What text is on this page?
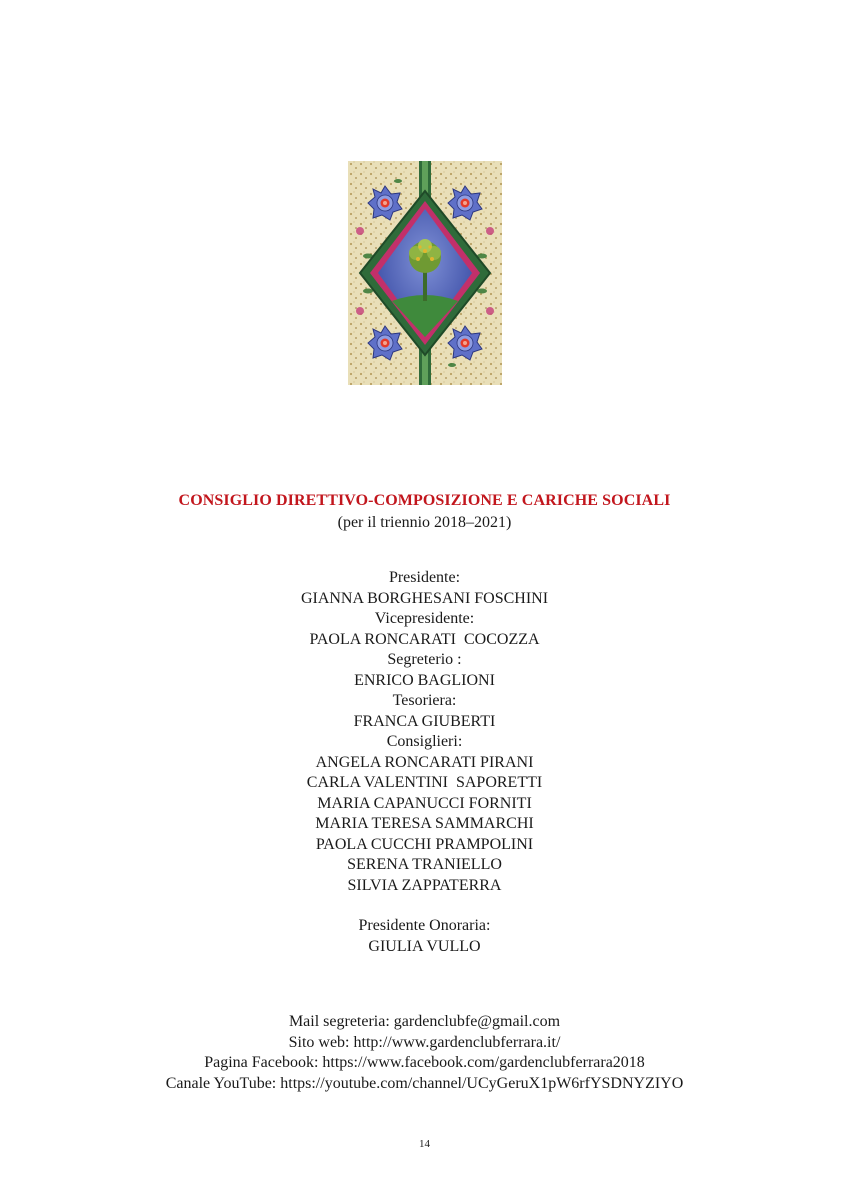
CONSIGLIO DIRETTIVO-COMPOSIZIONE E CARICHE SOCIALI
(per il triennio 2018–2021)
Presidente:
GIANNA BORGHESANI FOSCHINI
Vicepresidente:
PAOLA RONCARATI  COCOZZA
Segreterio :
ENRICO BAGLIONI
Tesoriera:
FRANCA GIUBERTI
Consiglieri:
ANGELA RONCARATI PIRANI
CARLA VALENTINI  SAPORETTI
MARIA CAPANUCCI FORNITI
MARIA TERESA SAMMARCHI
PAOLA CUCCHI PRAMPOLINI
SERENA TRANIELLO
SILVIA ZAPPATERRA
Presidente Onoraria:
GIULIA VULLO
Mail segreteria: gardenclubfe@gmail.com
Sito web: http://www.gardenclubferrara.it/
Pagina Facebook: https://www.facebook.com/gardenclubferrara2018
Canale YouTube: https://youtube.com/channel/UCyGeruX1pW6rfYSDNYZIYO
14
